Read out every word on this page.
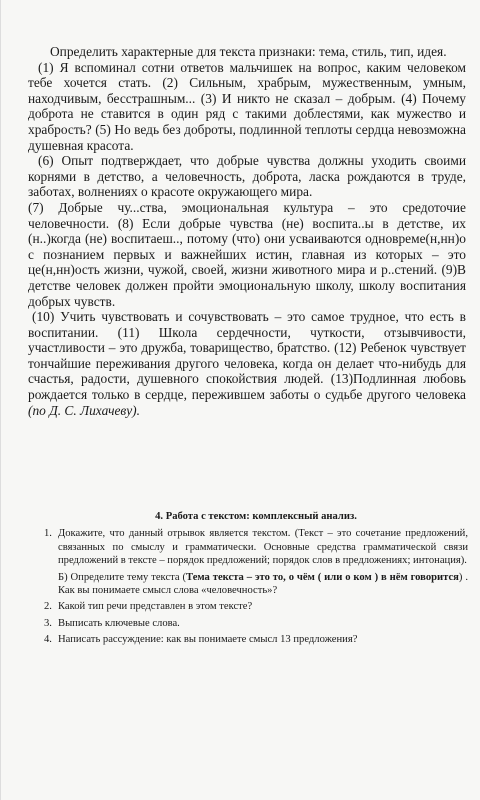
Определить характерные для текста признаки: тема, стиль, тип, идея.

(1) Я вспоминал сотни ответов мальчишек на вопрос, каким человеком тебе хочется стать. (2) Сильным, храбрым, мужественным, умным, находчивым, бесстрашным... (3) И никто не сказал – добрым. (4) Почему доброта не ставится в один ряд с такими доблестями, как мужество и храбрость? (5) Но ведь без доброты, подлинной теплоты сердца невозможна душевная красота.

(6) Опыт подтверждает, что добрые чувства должны уходить своими корнями в детство, а человечность, доброта, ласка рождаются в труде, заботах, волнениях о красоте окружающего мира.

(7) Добрые чу...ства, эмоциональная культура – это средоточие человечности. (8) Если добрые чувства (не) воспита..ы в детстве, их (н..)когда (не) воспитаеш.., потому (что) они усваиваются одновреме(н,нн)о с познанием первых и важнейших истин, главная из которых – это це(н,нн)ость жизни, чужой, своей, жизни животного мира и р..стений. (9)В детстве человек должен пройти эмоциональную школу, школу воспитания добрых чувств.

(10) Учить чувствовать и сочувствовать – это самое трудное, что есть в воспитании. (11) Школа сердечности, чуткости, отзывчивости, участливости – это дружба, товарищество, братство. (12) Ребенок чувствует тончайшие переживания другого человека, когда он делает что-нибудь для счастья, радости, душевного спокойствия людей. (13)Подлинная любовь рождается только в сердце, пережившем заботы о судьбе другого человека (по Д. С. Лихачеву).

4. Работа с текстом: комплексный анализ.
1. Докажите, что данный отрывок является текстом. (Текст – это сочетание предложений, связанных по смыслу и грамматически. Основные средства грамматической связи предложений в тексте – порядок предложений; порядок слов в предложениях; интонация).
Б) Определите тему текста (Тема текста – это то, о чём ( или о ком ) в нём говорится) . Как вы понимаете смысл слова «человечность»?
2. Какой тип речи представлен в этом тексте?
3. Выписать ключевые слова.
4. Написать рассуждение: как вы понимаете смысл 13 предложения?
